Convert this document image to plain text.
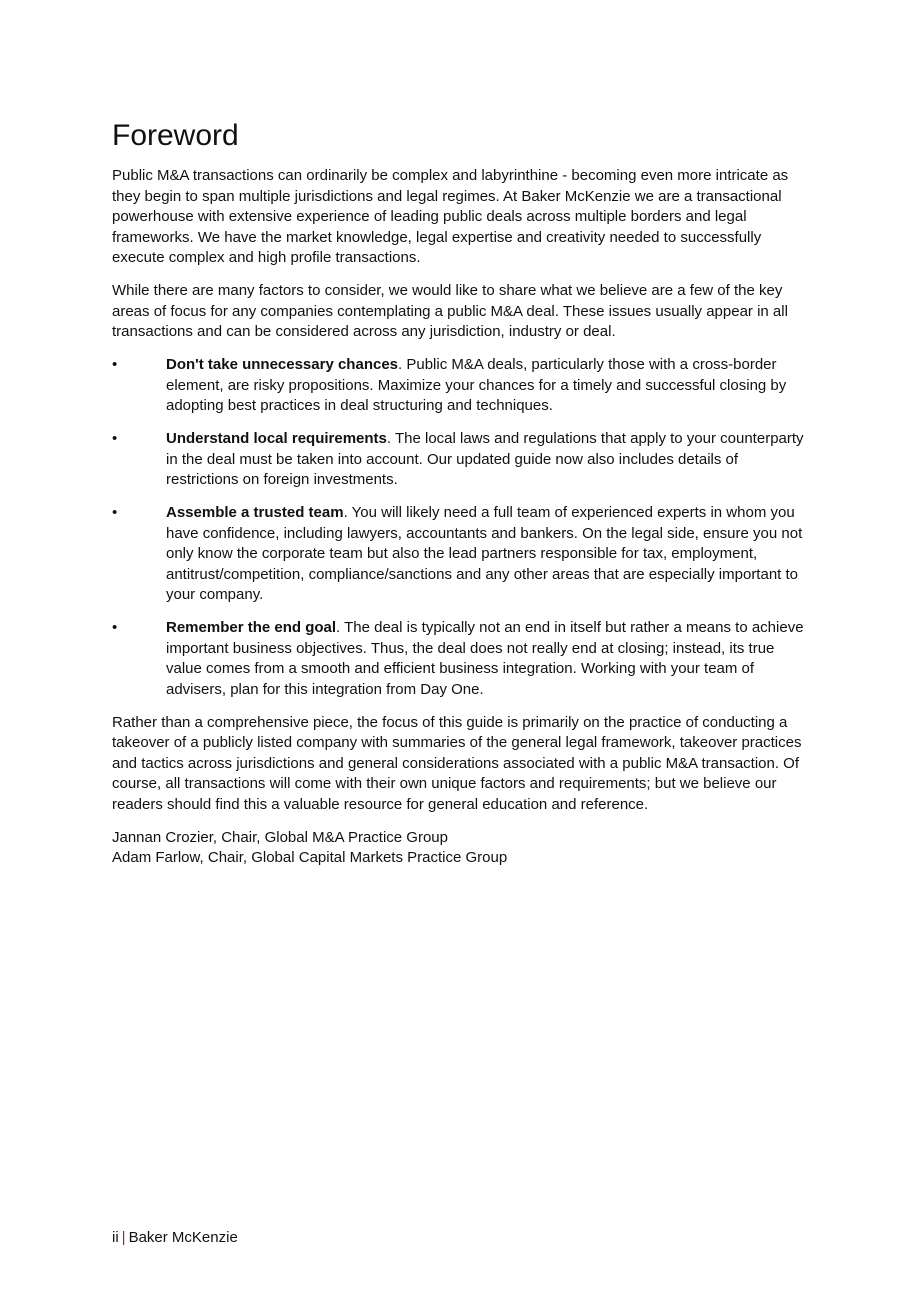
Foreword

Public M&A transactions can ordinarily be complex and labyrinthine - becoming even more intricate as they begin to span multiple jurisdictions and legal regimes. At Baker McKenzie we are a transactional powerhouse with extensive experience of leading public deals across multiple borders and legal frameworks. We have the market knowledge, legal expertise and creativity needed to successfully execute complex and high profile transactions.

While there are many factors to consider, we would like to share what we believe are a few of the key areas of focus for any companies contemplating a public M&A deal. These issues usually appear in all transactions and can be considered across any jurisdiction, industry or deal.

•	Don't take unnecessary chances. Public M&A deals, particularly those with a cross-border element, are risky propositions. Maximize your chances for a timely and successful closing by adopting best practices in deal structuring and techniques.
•	Understand local requirements. The local laws and regulations that apply to your counterparty in the deal must be taken into account. Our updated guide now also includes details of restrictions on foreign investments.
•	Assemble a trusted team. You will likely need a full team of experienced experts in whom you have confidence, including lawyers, accountants and bankers. On the legal side, ensure you not only know the corporate team but also the lead partners responsible for tax, employment, antitrust/competition, compliance/sanctions and any other areas that are especially important to your company.
•	Remember the end goal. The deal is typically not an end in itself but rather a means to achieve important business objectives. Thus, the deal does not really end at closing; instead, its true value comes from a smooth and efficient business integration. Working with your team of advisers, plan for this integration from Day One.

Rather than a comprehensive piece, the focus of this guide is primarily on the practice of conducting a takeover of a publicly listed company with summaries of the general legal framework, takeover practices and tactics across jurisdictions and general considerations associated with a public M&A transaction. Of course, all transactions will come with their own unique factors and requirements; but we believe our readers should find this a valuable resource for general education and reference.

Jannan Crozier, Chair, Global M&A Practice Group

Adam Farlow, Chair, Global Capital Markets Practice Group

ii | Baker McKenzie
